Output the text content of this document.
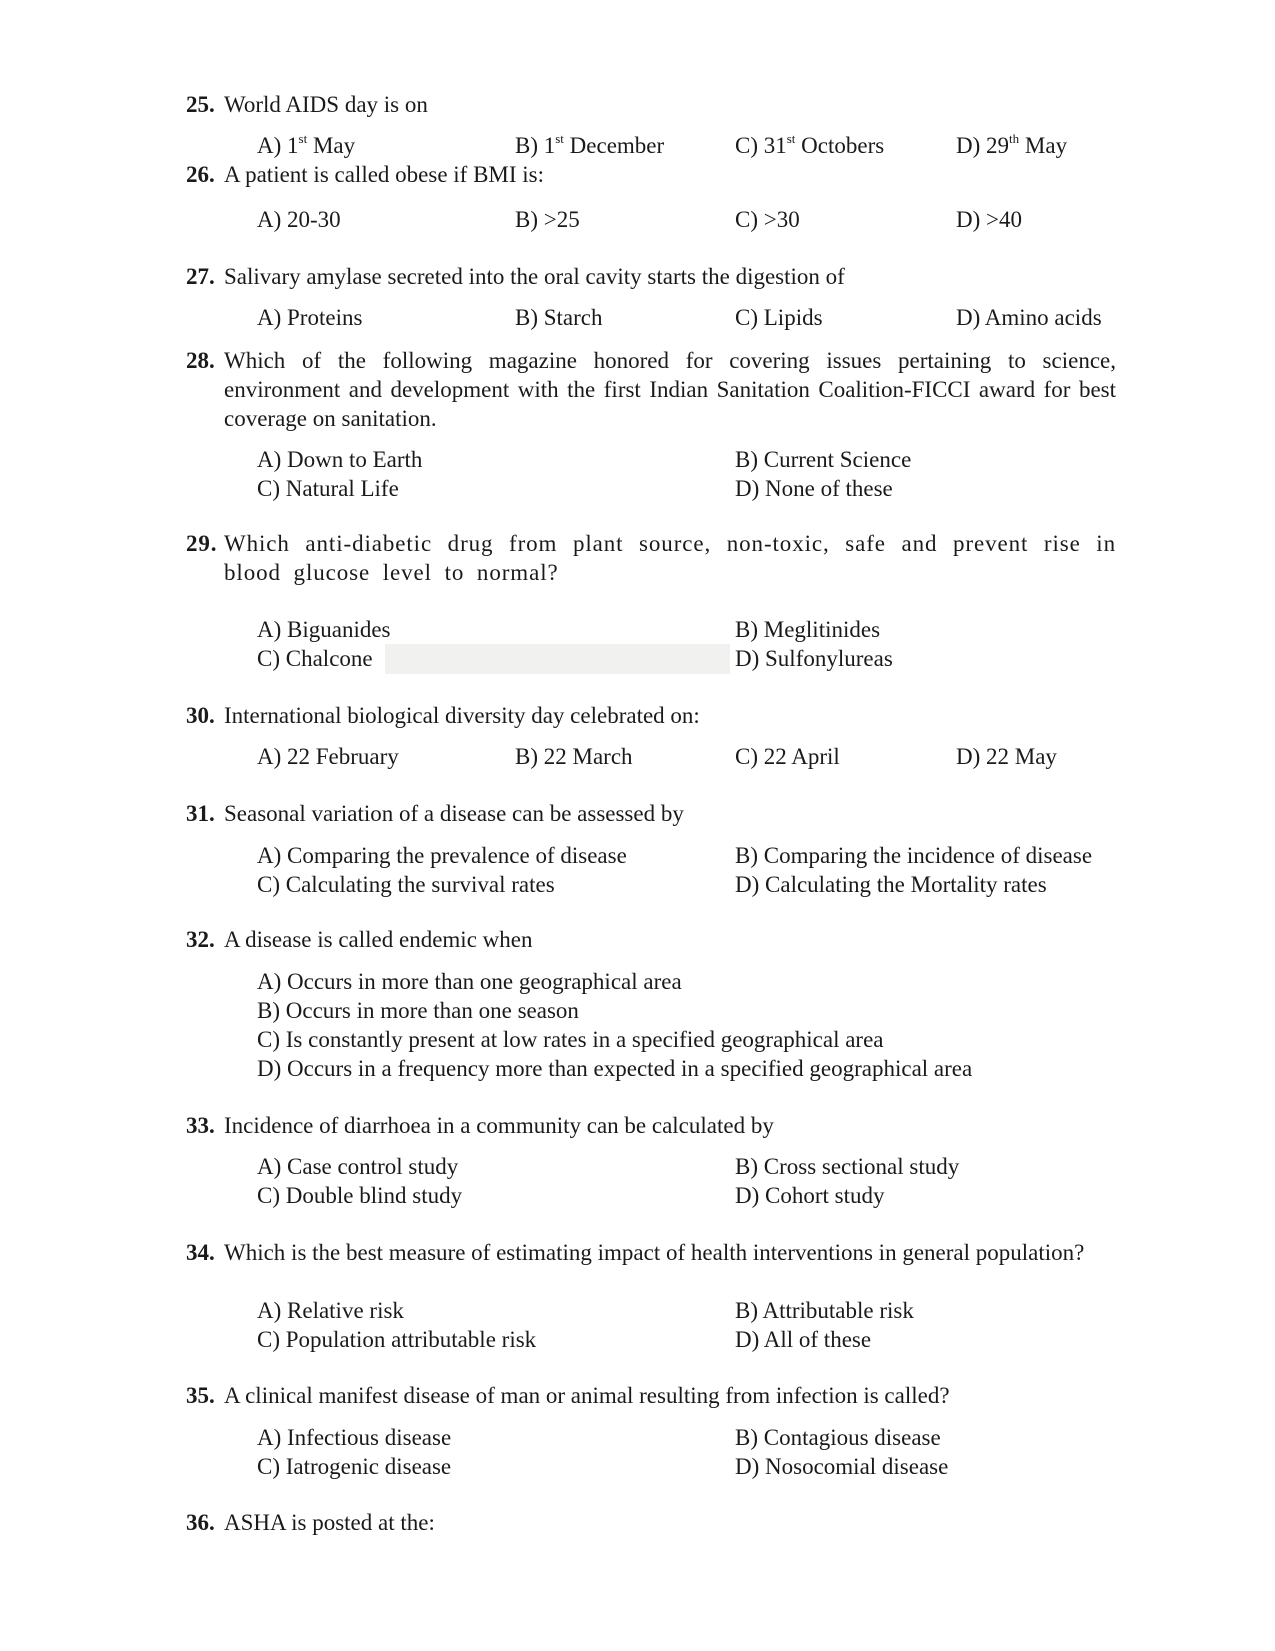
25. World AIDS day is on
A) 1st May	B) 1st December	C) 31st Octobers	D) 29th May
26. A patient is called obese if BMI is:
A) 20-30	B) >25	C) >30	D) >40
27. Salivary amylase secreted into the oral cavity starts the digestion of
A) Proteins	B) Starch	C) Lipids	D) Amino acids
28. Which of the following magazine honored for covering issues pertaining to science, environment and development with the first Indian Sanitation Coalition-FICCI award for best coverage on sanitation.
A) Down to Earth	B) Current Science
C) Natural Life	D) None of these
29. Which anti-diabetic drug from plant source, non-toxic, safe and prevent rise in blood glucose level to normal?
A) Biguanides	B) Meglitinides
C) Chalcone	D) Sulfonylureas
30. International biological diversity day celebrated on:
A) 22 February	B) 22 March	C) 22 April	D) 22 May
31. Seasonal variation of a disease can be assessed by
A) Comparing the prevalence of disease	B) Comparing the incidence of disease
C) Calculating the survival rates	D) Calculating the Mortality rates
32. A disease is called endemic when
A) Occurs in more than one geographical area
B) Occurs in more than one season
C) Is constantly present at low rates in a specified geographical area
D) Occurs in a frequency more than expected in a specified geographical area
33. Incidence of diarrhoea in a community can be calculated by
A) Case control study	B) Cross sectional study
C) Double blind study	D) Cohort study
34. Which is the best measure of estimating impact of health interventions in general population?
A) Relative risk	B) Attributable risk
C) Population attributable risk	D) All of these
35. A clinical manifest disease of man or animal resulting from infection is called?
A) Infectious disease	B) Contagious disease
C) Iatrogenic disease	D) Nosocomial disease
36. ASHA is posted at the:
